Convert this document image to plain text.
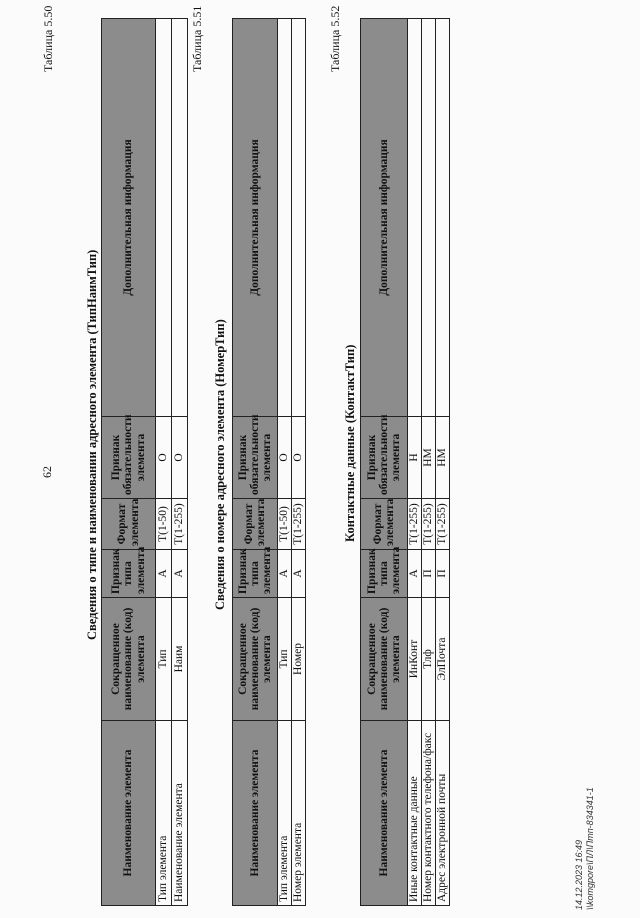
62
Таблица 5.50
Сведения о типе и наименовании адресного элемента (ТипНаимТип)
Наименование элемента	Сокращенное наименование (код) элемента	Признак типа элемента	Формат элемента	Признак обязательности элемента	Дополнительная информация
Тип элемента	Тип	А	T(1-50)	О	
Наименование элемента	Наим	А	T(1-255)	О	
Таблица 5.51
Сведения о номере адресного элемента (НомерТип)
Наименование элемента	Сокращенное наименование (код) элемента	Признак типа элемента	Формат элемента	Признак обязательности элемента	Дополнительная информация
Тип элемента	Тип	А	T(1-50)	О	
Номер элемента	Номер	А	T(1-255)	О	
Таблица 5.52
Контактные данные (КонтактТип)
Наименование элемента	Сокращенное наименование (код) элемента	Признак типа элемента	Формат элемента	Признак обязательности элемента	Дополнительная информация
Иные контактные данные	ИнКонт	А	T(1-255)	Н	
Номер контактного телефона/факс	Тлф	П	T(1-255)	НМ	
Адрес электронной почты	ЭлПочта	П	T(1-255)	НМ	
14.12.2023 16:49 \\komgpore\ПЛ\Птп-834341-1
